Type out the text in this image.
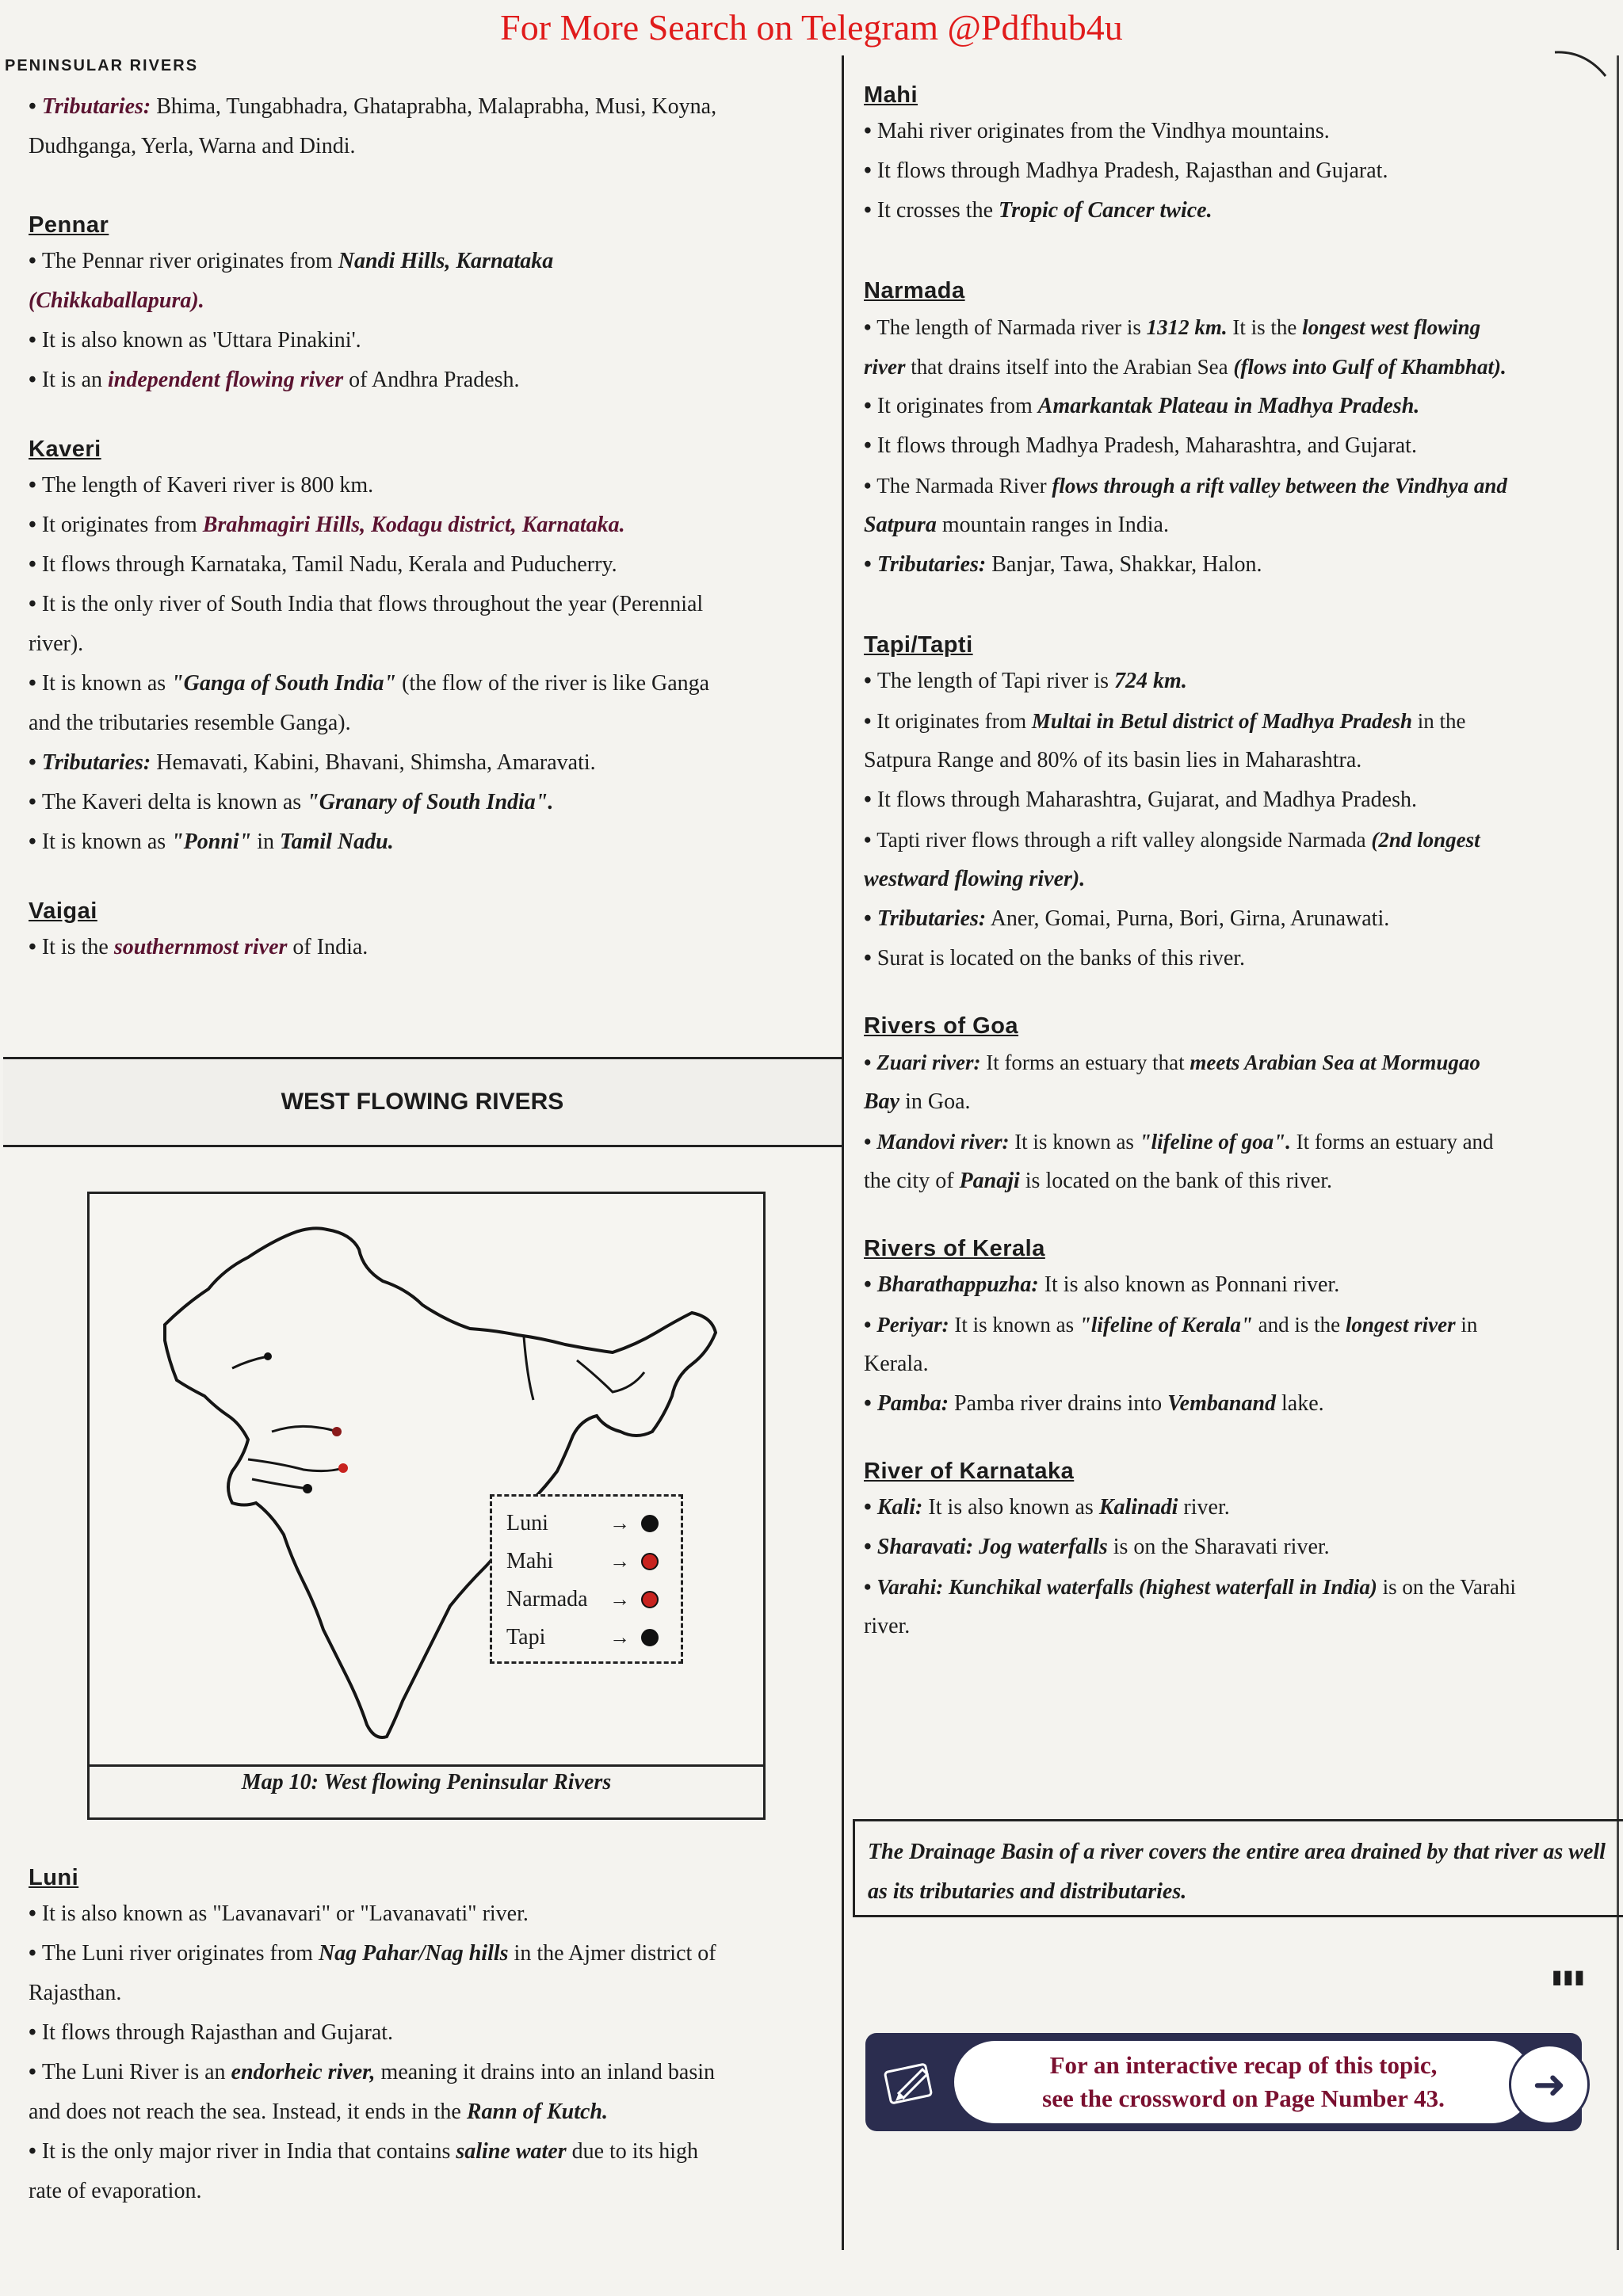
For More Search on Telegram @Pdfhub4u
PENINSULAR RIVERS

• Tributaries: Bhima, Tungabhadra, Ghataprabha, Malaprabha, Musi, Koyna, Dudhganga, Yerla, Warna and Dindi.

Pennar

• The Pennar river originates from Nandi Hills, Karnataka

(Chikkaballapura).

• It is also known as 'Uttara Pinakini'.

• It is an independent flowing river of Andhra Pradesh.

Kaveri

• The length of Kaveri river is 800 km.

• It originates from Brahmagiri Hills, Kodagu district, Karnataka.

• It flows through Karnataka, Tamil Nadu, Kerala and Puducherry.

• It is the only river of South India that flows throughout the year (Perennial

river).

• It is known as "Ganga of South India" (the flow of the river is like Ganga

and the tributaries resemble Ganga).

• Tributaries: Hemavati, Kabini, Bhavani, Shimsha, Amaravati.

• The Kaveri delta is known as "Granary of South India".

• It is known as "Ponni" in Tamil Nadu.

Vaigai

• It is the southernmost river of India.

WEST FLOWING RIVERS
Luni	→
Mahi	→
Narmada	→
Tapi	→
Map 10: West flowing Peninsular Rivers
Luni

• It is also known as "Lavanavari" or "Lavanavati" river.

• The Luni river originates from Nag Pahar/Nag hills in the Ajmer district of

Rajasthan.

• It flows through Rajasthan and Gujarat.

• The Luni River is an endorheic river, meaning it drains into an inland basin

and does not reach the sea. Instead, it ends in the Rann of Kutch.

• It is the only major river in India that contains saline water due to its high

rate of evaporation.

Mahi

• Mahi river originates from the Vindhya mountains.

• It flows through Madhya Pradesh, Rajasthan and Gujarat.

• It crosses the Tropic of Cancer twice.

Narmada

• The length of Narmada river is 1312 km. It is the longest west flowing

river that drains itself into the Arabian Sea (flows into Gulf of Khambhat).

• It originates from Amarkantak Plateau in Madhya Pradesh.

• It flows through Madhya Pradesh, Maharashtra, and Gujarat.

• The Narmada River flows through a rift valley between the Vindhya and

Satpura mountain ranges in India.

• Tributaries: Banjar, Tawa, Shakkar, Halon.

Tapi/Tapti

• The length of Tapi river is 724 km.

• It originates from Multai in Betul district of Madhya Pradesh in the

Satpura Range and 80% of its basin lies in Maharashtra.

• It flows through Maharashtra, Gujarat, and Madhya Pradesh.

• Tapti river flows through a rift valley alongside Narmada (2nd longest

westward flowing river).

• Tributaries: Aner, Gomai, Purna, Bori, Girna, Arunawati.

• Surat is located on the banks of this river.

Rivers of Goa

• Zuari river: It forms an estuary that meets Arabian Sea at Mormugao

Bay in Goa.

• Mandovi river: It is known as "lifeline of goa". It forms an estuary and

the city of Panaji is located on the bank of this river.

Rivers of Kerala

• Bharathappuzha: It is also known as Ponnani river.

• Periyar: It is known as "lifeline of Kerala" and is the longest river in

Kerala.

• Pamba: Pamba river drains into Vembanand lake.

River of Karnataka

• Kali: It is also known as Kalinadi river.

• Sharavati: Jog waterfalls is on the Sharavati river.

• Varahi: Kunchikal waterfalls (highest waterfall in India) is on the Varahi

river.

The Drainage Basin of a river covers the entire area drained by that river as well as its tributaries and distributaries.
▮▮▮
For an interactive recap of this topic,
see the crossword on Page Number 43.	➜
